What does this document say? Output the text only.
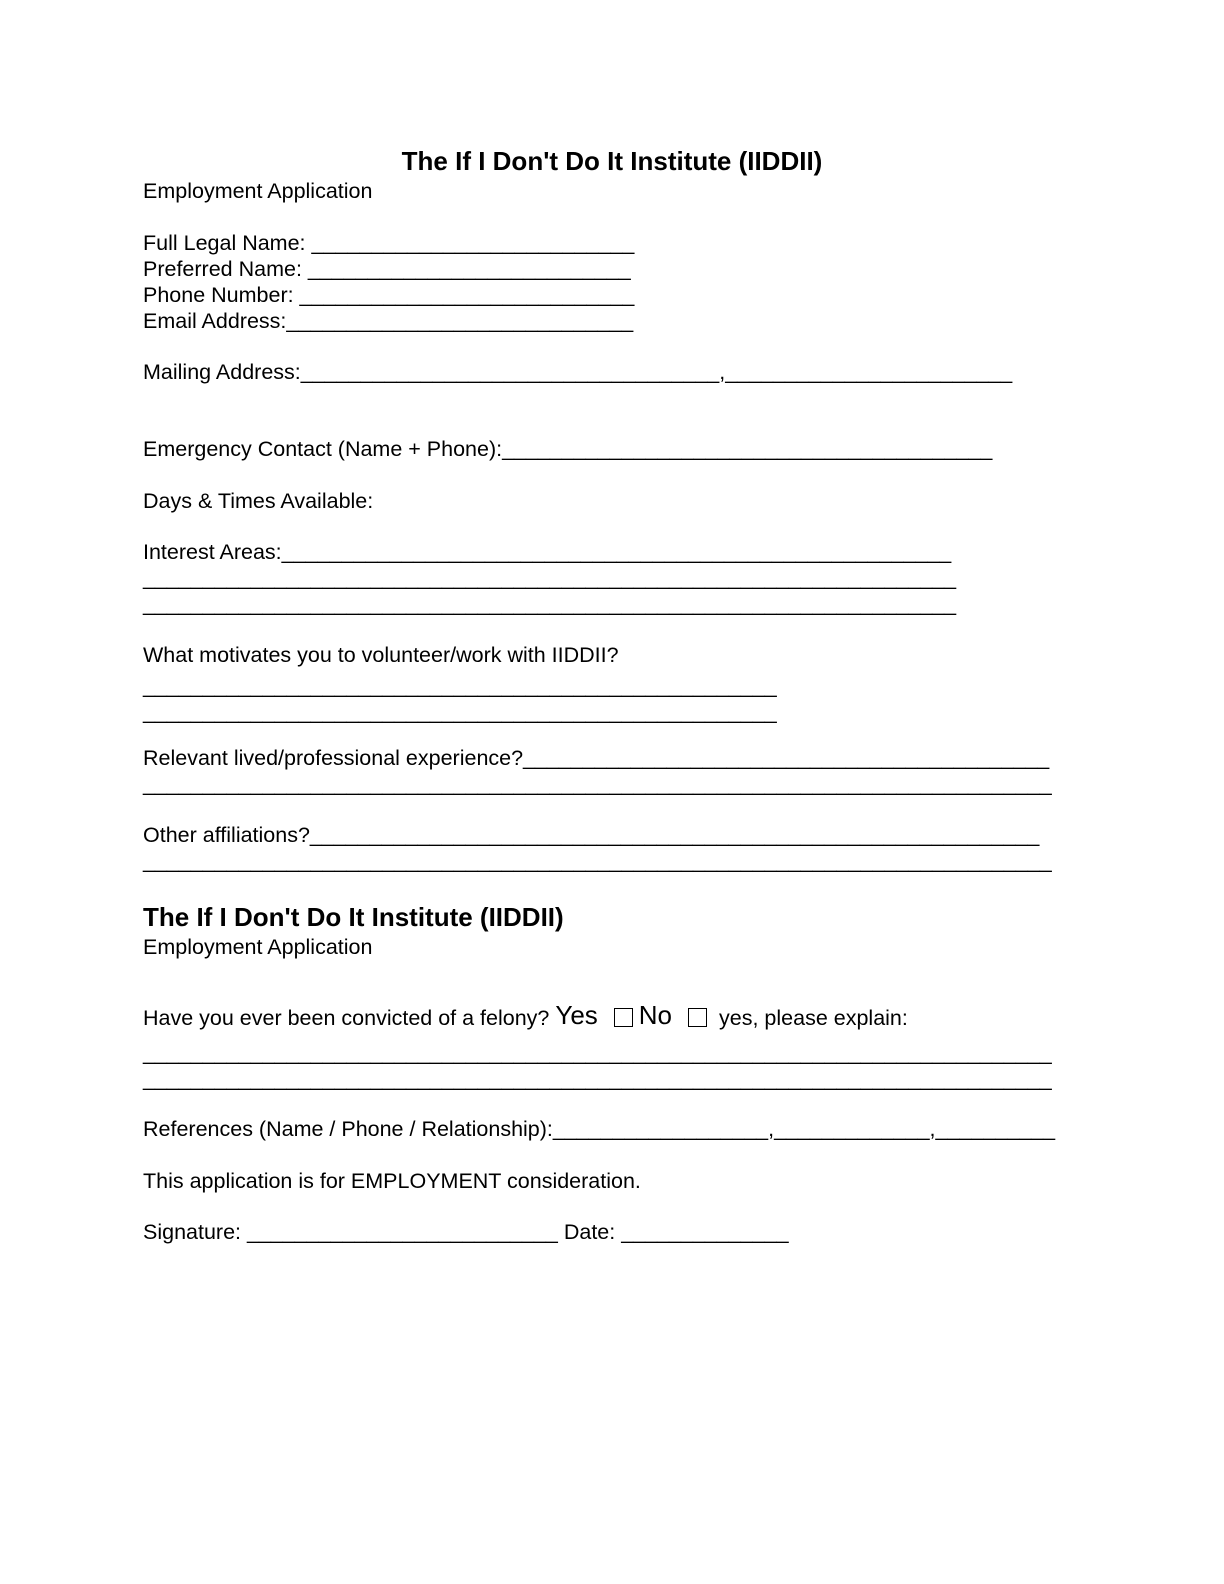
The If I Don't Do It Institute (IIDDII)
Employment Application
Full Legal Name: ___________________________
Preferred Name: ___________________________
Phone Number: ____________________________
Email Address:_____________________________
Mailing Address:___________________________________,________________________
Emergency Contact (Name + Phone):_________________________________________
Days & Times Available:
Interest Areas:________________________________________________________
____________________________________________________________________
____________________________________________________________________
What motivates you to volunteer/work with IIDDII?
_____________________________________________________
_____________________________________________________
Relevant lived/professional experience?____________________________________________
____________________________________________________________________________
Other affiliations?_____________________________________________________________
____________________________________________________________________________
The If I Don't Do It Institute (IIDDII)
Employment Application
Have you ever been convicted of a felony? Yes No yes, please explain:
____________________________________________________________________________
____________________________________________________________________________
References (Name / Phone / Relationship):__________________,_____________,__________
This application is for EMPLOYMENT consideration.
Signature: __________________________ Date: ______________
